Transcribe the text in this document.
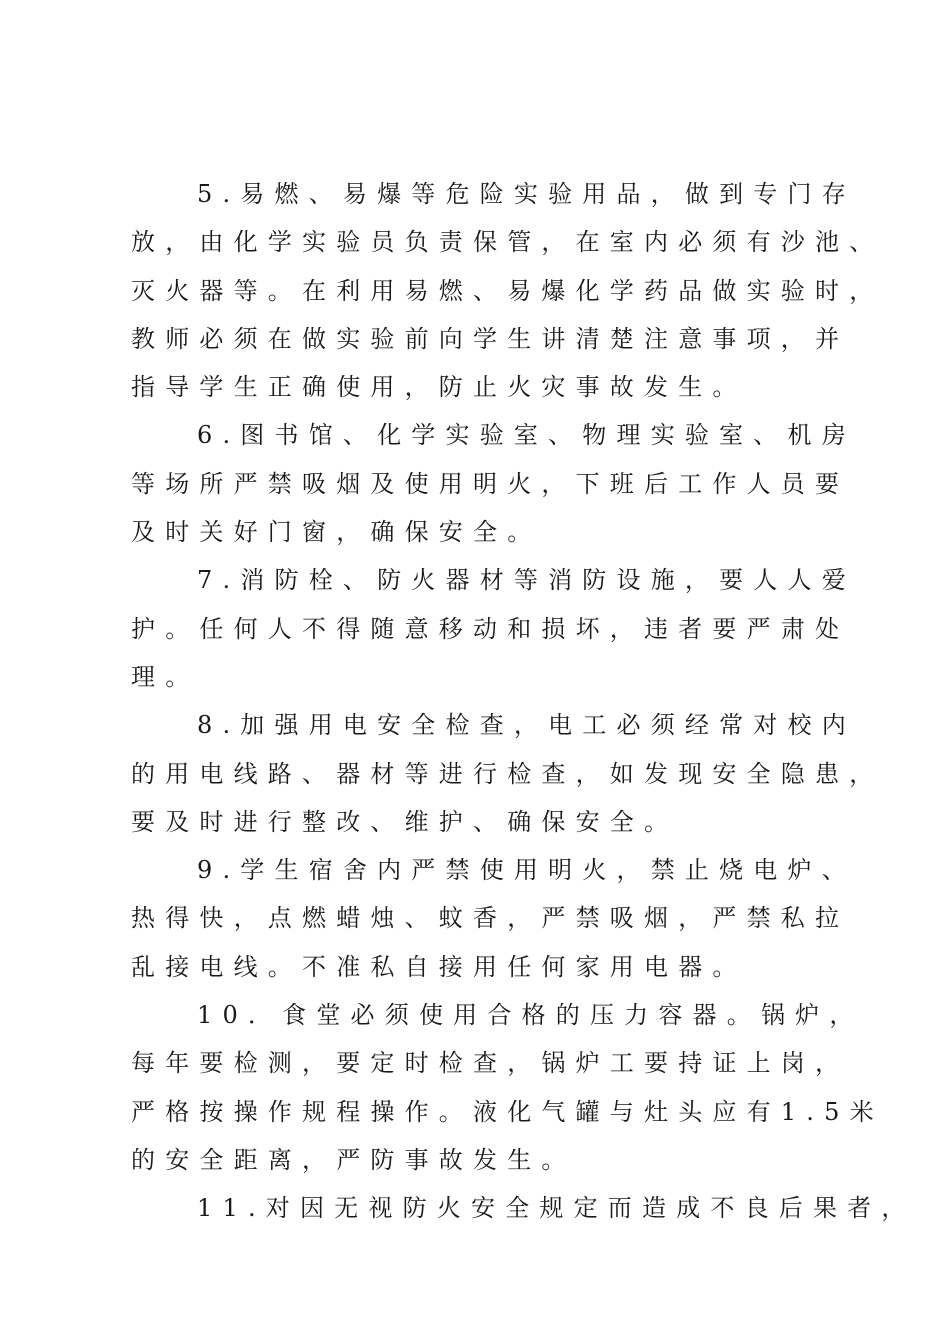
5.易燃、易爆等危险实验用品，做到专门存
放，由化学实验员负责保管，在室内必须有沙池、
灭火器等。在利用易燃、易爆化学药品做实验时，
教师必须在做实验前向学生讲清楚注意事项，并
指导学生正确使用，防止火灾事故发生。

6.图书馆、化学实验室、物理实验室、机房
等场所严禁吸烟及使用明火，下班后工作人员要
及时关好门窗，确保安全。

7.消防栓、防火器材等消防设施，要人人爱
护。任何人不得随意移动和损坏，违者要严肃处
理。

8.加强用电安全检查，电工必须经常对校内
的用电线路、器材等进行检查，如发现安全隐患，
要及时进行整改、维护、确保安全。

9.学生宿舍内严禁使用明火，禁止烧电炉、
热得快，点燃蜡烛、蚊香，严禁吸烟，严禁私拉
乱接电线。不准私自接用任何家用电器。

10．食堂必须使用合格的压力容器。锅炉，
每年要检测，要定时检查，锅炉工要持证上岗，
严格按操作规程操作。液化气罐与灶头应有1.5米
的安全距离，严防事故发生。

11.对因无视防火安全规定而造成不良后果者，
